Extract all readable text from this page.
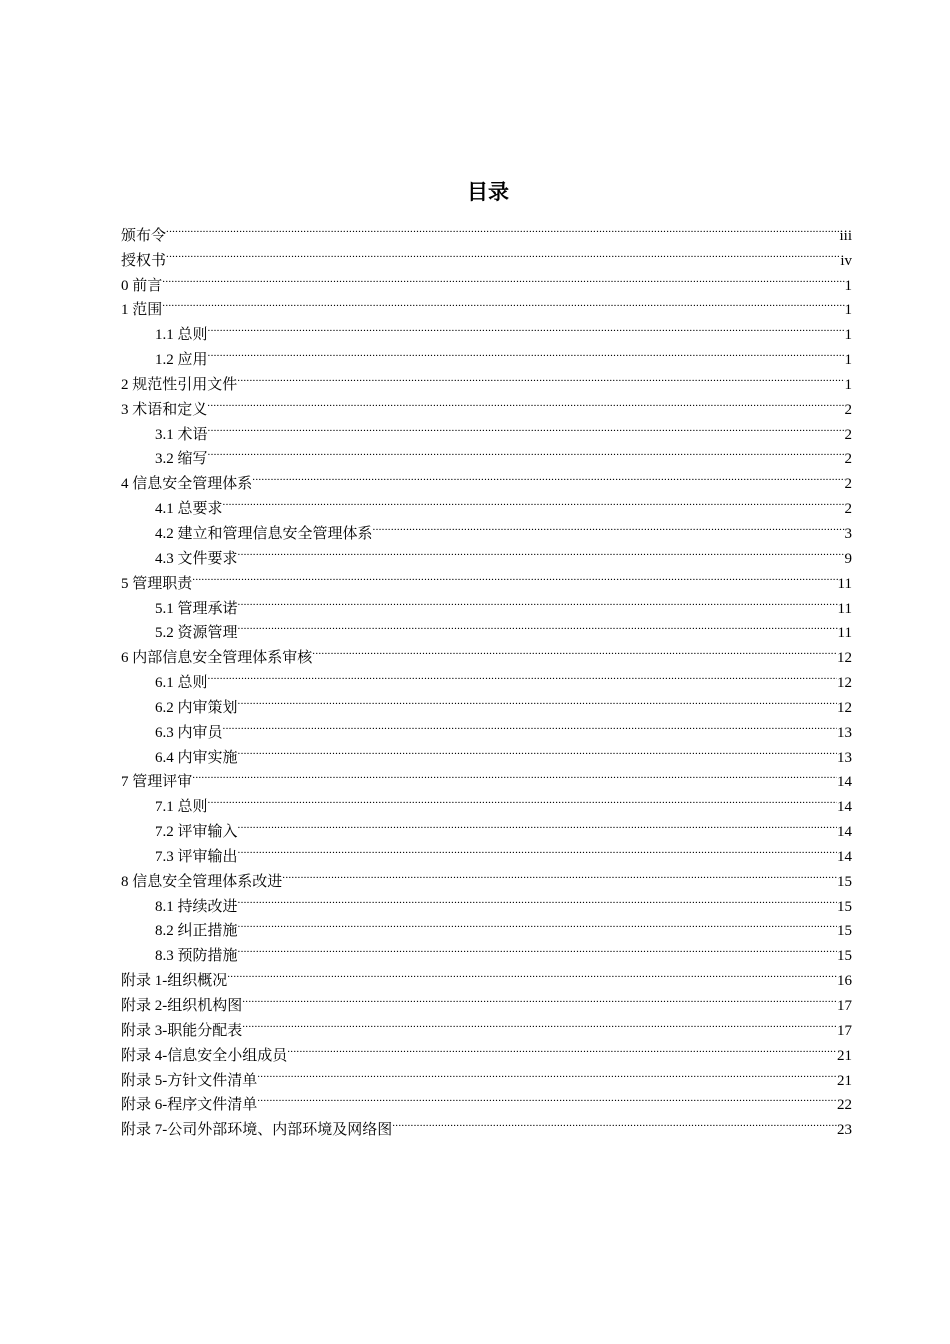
目录
颁布令 .....	iii
授权书 .....	iv
0 前言 .....	1
1 范围 .....	1
1.1 总则 .....	1
1.2 应用 .....	1
2 规范性引用文件 .....	1
3 术语和定义 .....	2
3.1 术语 .....	2
3.2 缩写 .....	2
4 信息安全管理体系 .....	2
4.1 总要求 .....	2
4.2 建立和管理信息安全管理体系 .....	3
4.3 文件要求 .....	9
5 管理职责 .....	11
5.1 管理承诺 .....	11
5.2 资源管理 .....	11
6 内部信息安全管理体系审核 .....	12
6.1 总则 .....	12
6.2 内审策划 .....	12
6.3 内审员 .....	13
6.4 内审实施 .....	13
7 管理评审 .....	14
7.1 总则 .....	14
7.2 评审输入 .....	14
7.3 评审输出 .....	14
8 信息安全管理体系改进 .....	15
8.1 持续改进 .....	15
8.2 纠正措施 .....	15
8.3 预防措施 .....	15
附录 1-组织概况 .....	16
附录 2-组织机构图 .....	17
附录 3-职能分配表 .....	17
附录 4-信息安全小组成员 .....	21
附录 5-方针文件清单 .....	21
附录 6-程序文件清单 .....	22
附录 7-公司外部环境、内部环境及网络图 .....	23
